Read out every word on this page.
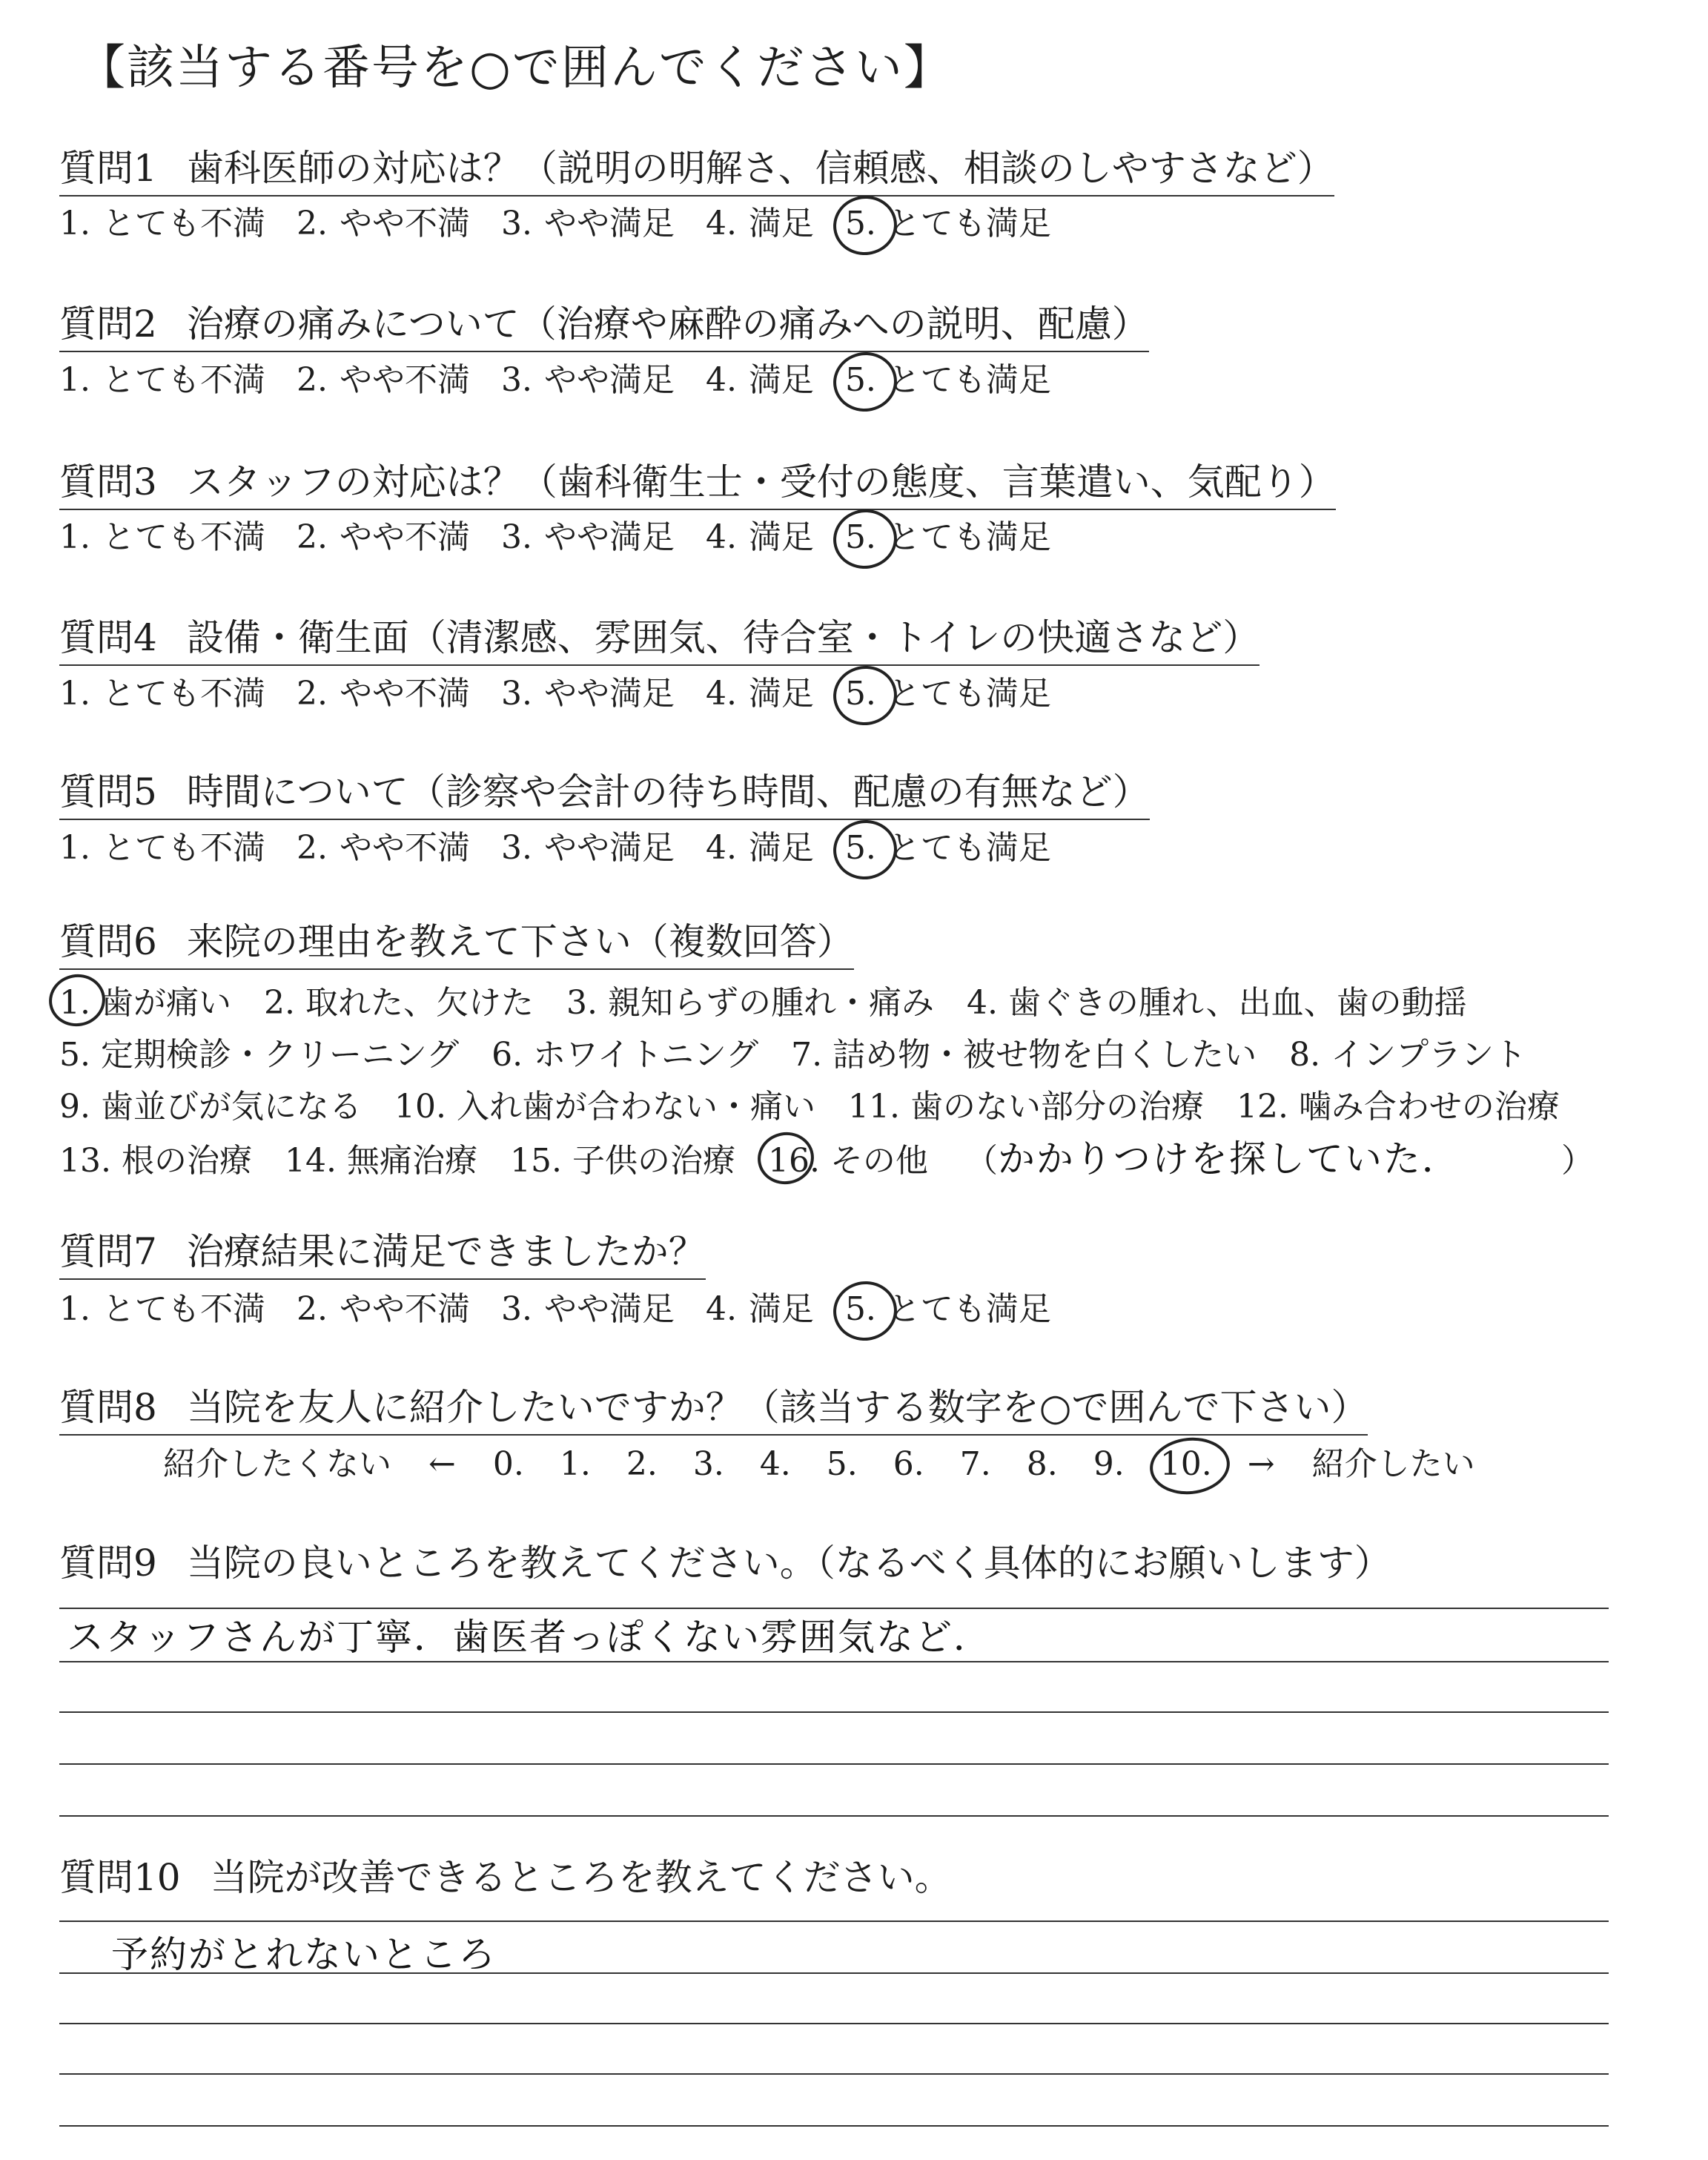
【該当する番号を○で囲んでください】
質問1 歯科医師の対応は？（説明の明解さ、信頼感、相談のしやすさなど）
1. とても不満 2. やや不満 3. やや満足 4. 満足 5. とても満足
質問2 治療の痛みについて（治療や麻酔の痛みへの説明、配慮）
1. とても不満 2. やや不満 3. やや満足 4. 満足 5. とても満足
質問3 スタッフの対応は？（歯科衛生士・受付の態度、言葉遣い、気配り）
1. とても不満 2. やや不満 3. やや満足 4. 満足 5. とても満足
質問4 設備・衛生面（清潔感、雰囲気、待合室・トイレの快適さなど）
1. とても不満 2. やや不満 3. やや満足 4. 満足 5. とても満足
質問5 時間について（診察や会計の待ち時間、配慮の有無など）
1. とても不満 2. やや不満 3. やや満足 4. 満足 5. とても満足
質問6 来院の理由を教えて下さい（複数回答）
1. 歯が痛い 2. 取れた、欠けた 3. 親知らずの腫れ・痛み 4. 歯ぐきの腫れ、出血、歯の動揺
5. 定期検診・クリーニング 6. ホワイトニング 7. 詰め物・被せ物を白くしたい 8. インプラント
9. 歯並びが気になる 10. 入れ歯が合わない・痛い 11. 歯のない部分の治療 12. 噛み合わせの治療
13. 根の治療 14. 無痛治療 15. 子供の治療 16. その他 （かかりつけを探していた．	）
質問7 治療結果に満足できましたか？
1. とても不満 2. やや不満 3. やや満足 4. 満足 5. とても満足
質問8 当院を友人に紹介したいですか？（該当する数字を○で囲んで下さい）
紹介したくない ← 0. 1. 2. 3. 4. 5. 6. 7. 8. 9. 10. → 紹介したい
質問9 当院の良いところを教えてください。（なるべく具体的にお願いします）
スタッフさんが丁寧．歯医者っぽくない雰囲気など．
質問10 当院が改善できるところを教えてください。
予約がとれないところ
